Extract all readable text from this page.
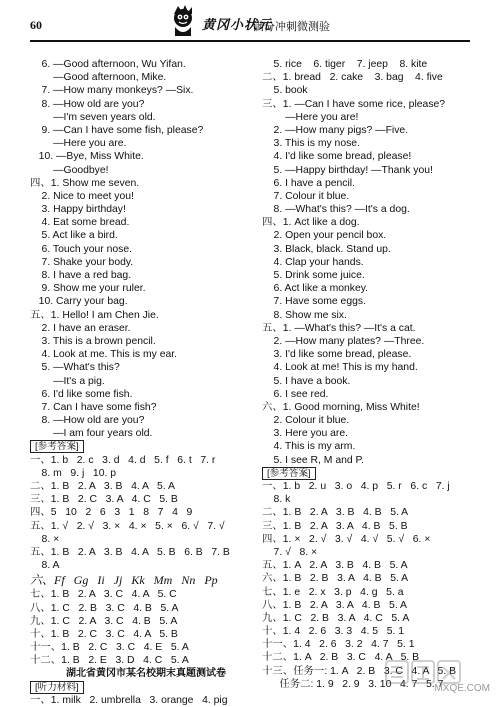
60	黄冈小状元
满分冲刺微测验
6. —Good afternoon, Wu Yifan.
—Good afternoon, Mike.
7. —How many monkeys? —Six.
8. —How old are you?
—I'm seven years old.
9. —Can I have some fish, please?
—Here you are.
10. —Bye, Miss White.
—Goodbye!
四、1. Show me seven.
2. Nice to meet you!
3. Happy birthday!
4. Eat some bread.
5. Act like a bird.
6. Touch your nose.
7. Shake your body.
8. I have a red bag.
9. Show me your ruler.
10. Carry your bag.
五、1. Hello! I am Chen Jie.
2. I have an eraser.
3. This is a brown pencil.
4. Look at me. This is my ear.
5. —What's this?
—It's a pig.
6. I'd like some fish.
7. Can I have some fish?
8. —How old are you?
—I am four years old.
[参考答案]
一、1. b   2. c   3. d   4. d   5. f   6. t   7. r
8. m   9. j   10. p
二、1. B   2. A   3. B   4. A   5. A
三、1. B   2. C   3. A   4. C   5. B
四、5   10   2   6   3   1   8   7   4   9
五、1. √   2. √   3. ×   4. ×   5. ×   6. √   7. √
8. ×
五、1. B   2. A   3. B   4. A   5. B   6. B   7. B
8. A
六、Ff   Gg   Ii   Jj   Kk   Mm   Nn   Pp
七、1. B   2. A   3. C   4. A   5. C
八、1. C   2. B   3. C   4. B   5. A
九、1. C   2. A   3. C   4. B   5. A
十、1. B   2. C   3. C   4. A   5. B
十一、1. B   2. C   3. C   4. E   5. A
十二、1. B   2. E   3. D   4. C   5. A
湖北省黄冈市某名校期末真题测试卷
[听力材料]
一、1. milk   2. umbrella   3. orange   4. pig
5. rice    6. tiger    7. jeep    8. kite
二、1. bread   2. cake    3. bag    4. five
5. book
三、1. —Can I have some rice, please?
—Here you are!
2. —How many pigs? —Five.
3. This is my nose.
4. I'd like some bread, please!
5. —Happy birthday! —Thank you!
6. I have a pencil.
7. Colour it blue.
8. —What's this? —It's a dog.
四、1. Act like a dog.
2. Open your pencil box.
3. Black, black. Stand up.
4. Clap your hands.
5. Drink some juice.
6. Act like a monkey.
7. Have some eggs.
8. Show me six.
五、1. —What's this? —It's a cat.
2. —How many plates? —Three.
3. I'd like some bread, please.
4. Look at me! This is my hand.
5. I have a book.
6. I see red.
六、1. Good morning, Miss White!
2. Colour it blue.
3. Here you are.
4. This is my arm.
5. I see R, M and P.
[参考答案]
一、1. b   2. u   3. o   4. p   5. r   6. c   7. j
8. k
二、1. B   2. A   3. B   4. B   5. A
三、1. B   2. A   3. A   4. B   5. B
四、1. ×   2. √   3. √   4. √   5. √   6. ×
7. √   8. ×
五、1. A   2. A   3. B   4. B   5. A
六、1. B   2. B   3. A   4. B   5. A
七、1. e   2. x   3. p   4. g   5. a
八、1. B   2. A   3. A   4. B   5. A
九、1. C   2. B   3. A   4. C   5. A
十、1. 4   2. 6   3. 3   4. 5   5. 1
十一、1. 4   2. 6   3. 2   4. 7   5. 1
十二、1. A   2. B   3. C   4. A   5. B
十三、任务一: 1. A   2. B   3. C   4. A   5. B
任务二: 1. 9   2. 9   3. 10   4. 7   5. 7
MXQE.COM
